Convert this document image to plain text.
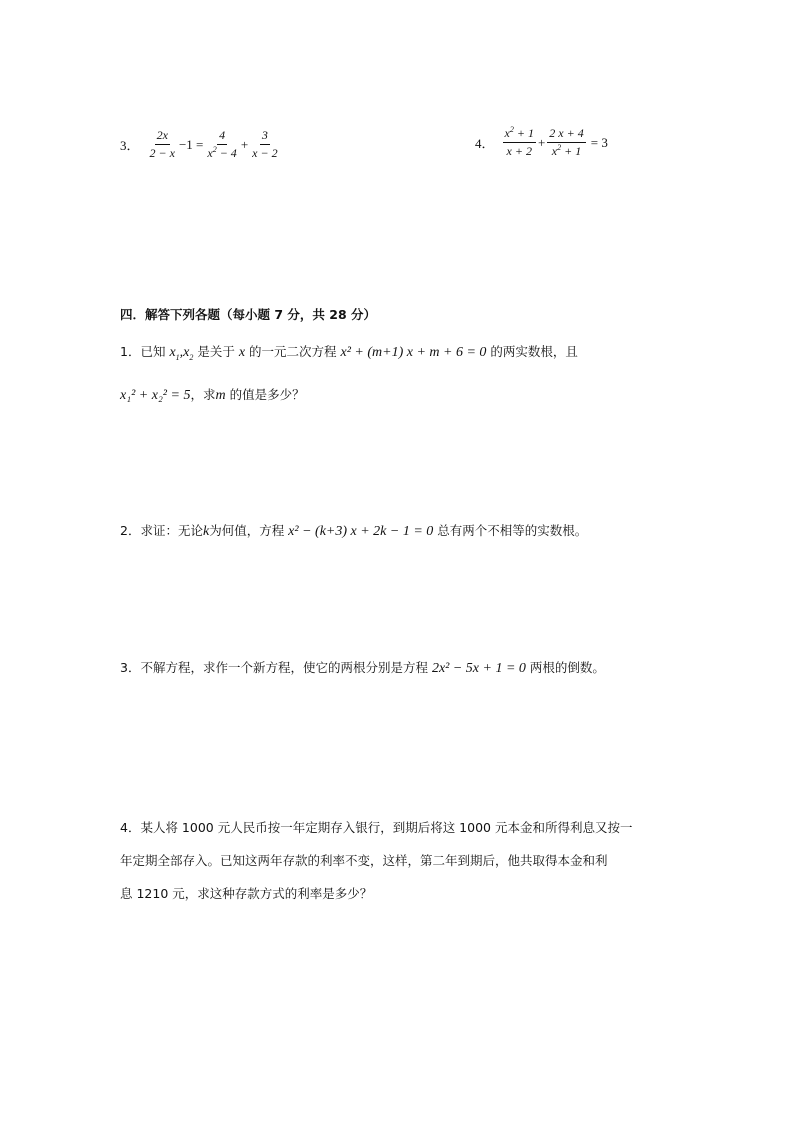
3． $\frac{2x}{2 - x} -1 = \frac{4}{x^2 - 4} + \frac{3}{x - 2}$	4． $\frac{x^2 + 1}{x + 2} + \frac{2 x + 4}{x^2 + 1} = 3$
四．解答下列各题（每小题 7 分，共 28 分）
1．已知 $x_1,x_2$ 是关于 x 的一元二次方程 x² + (m+1) x + m + 6 = 0 的两实数根，且
x₁² + x₂² = 5，求m 的值是多少？
2．求证：无论k为何值，方程 x² − (k+3) x + 2k − 1 = 0 总有两个不相等的实数根。
3．不解方程，求作一个新方程，使它的两根分别是方程 2x² − 5x + 1 = 0 两根的倒数。
4．某人将 1000 元人民币按一年定期存入银行，到期后将这 1000 元本金和所得利息又按一
年定期全部存入。已知这两年存款的利率不变，这样，第二年到期后，他共取得本金和利
息 1210 元，求这种存款方式的利率是多少？
